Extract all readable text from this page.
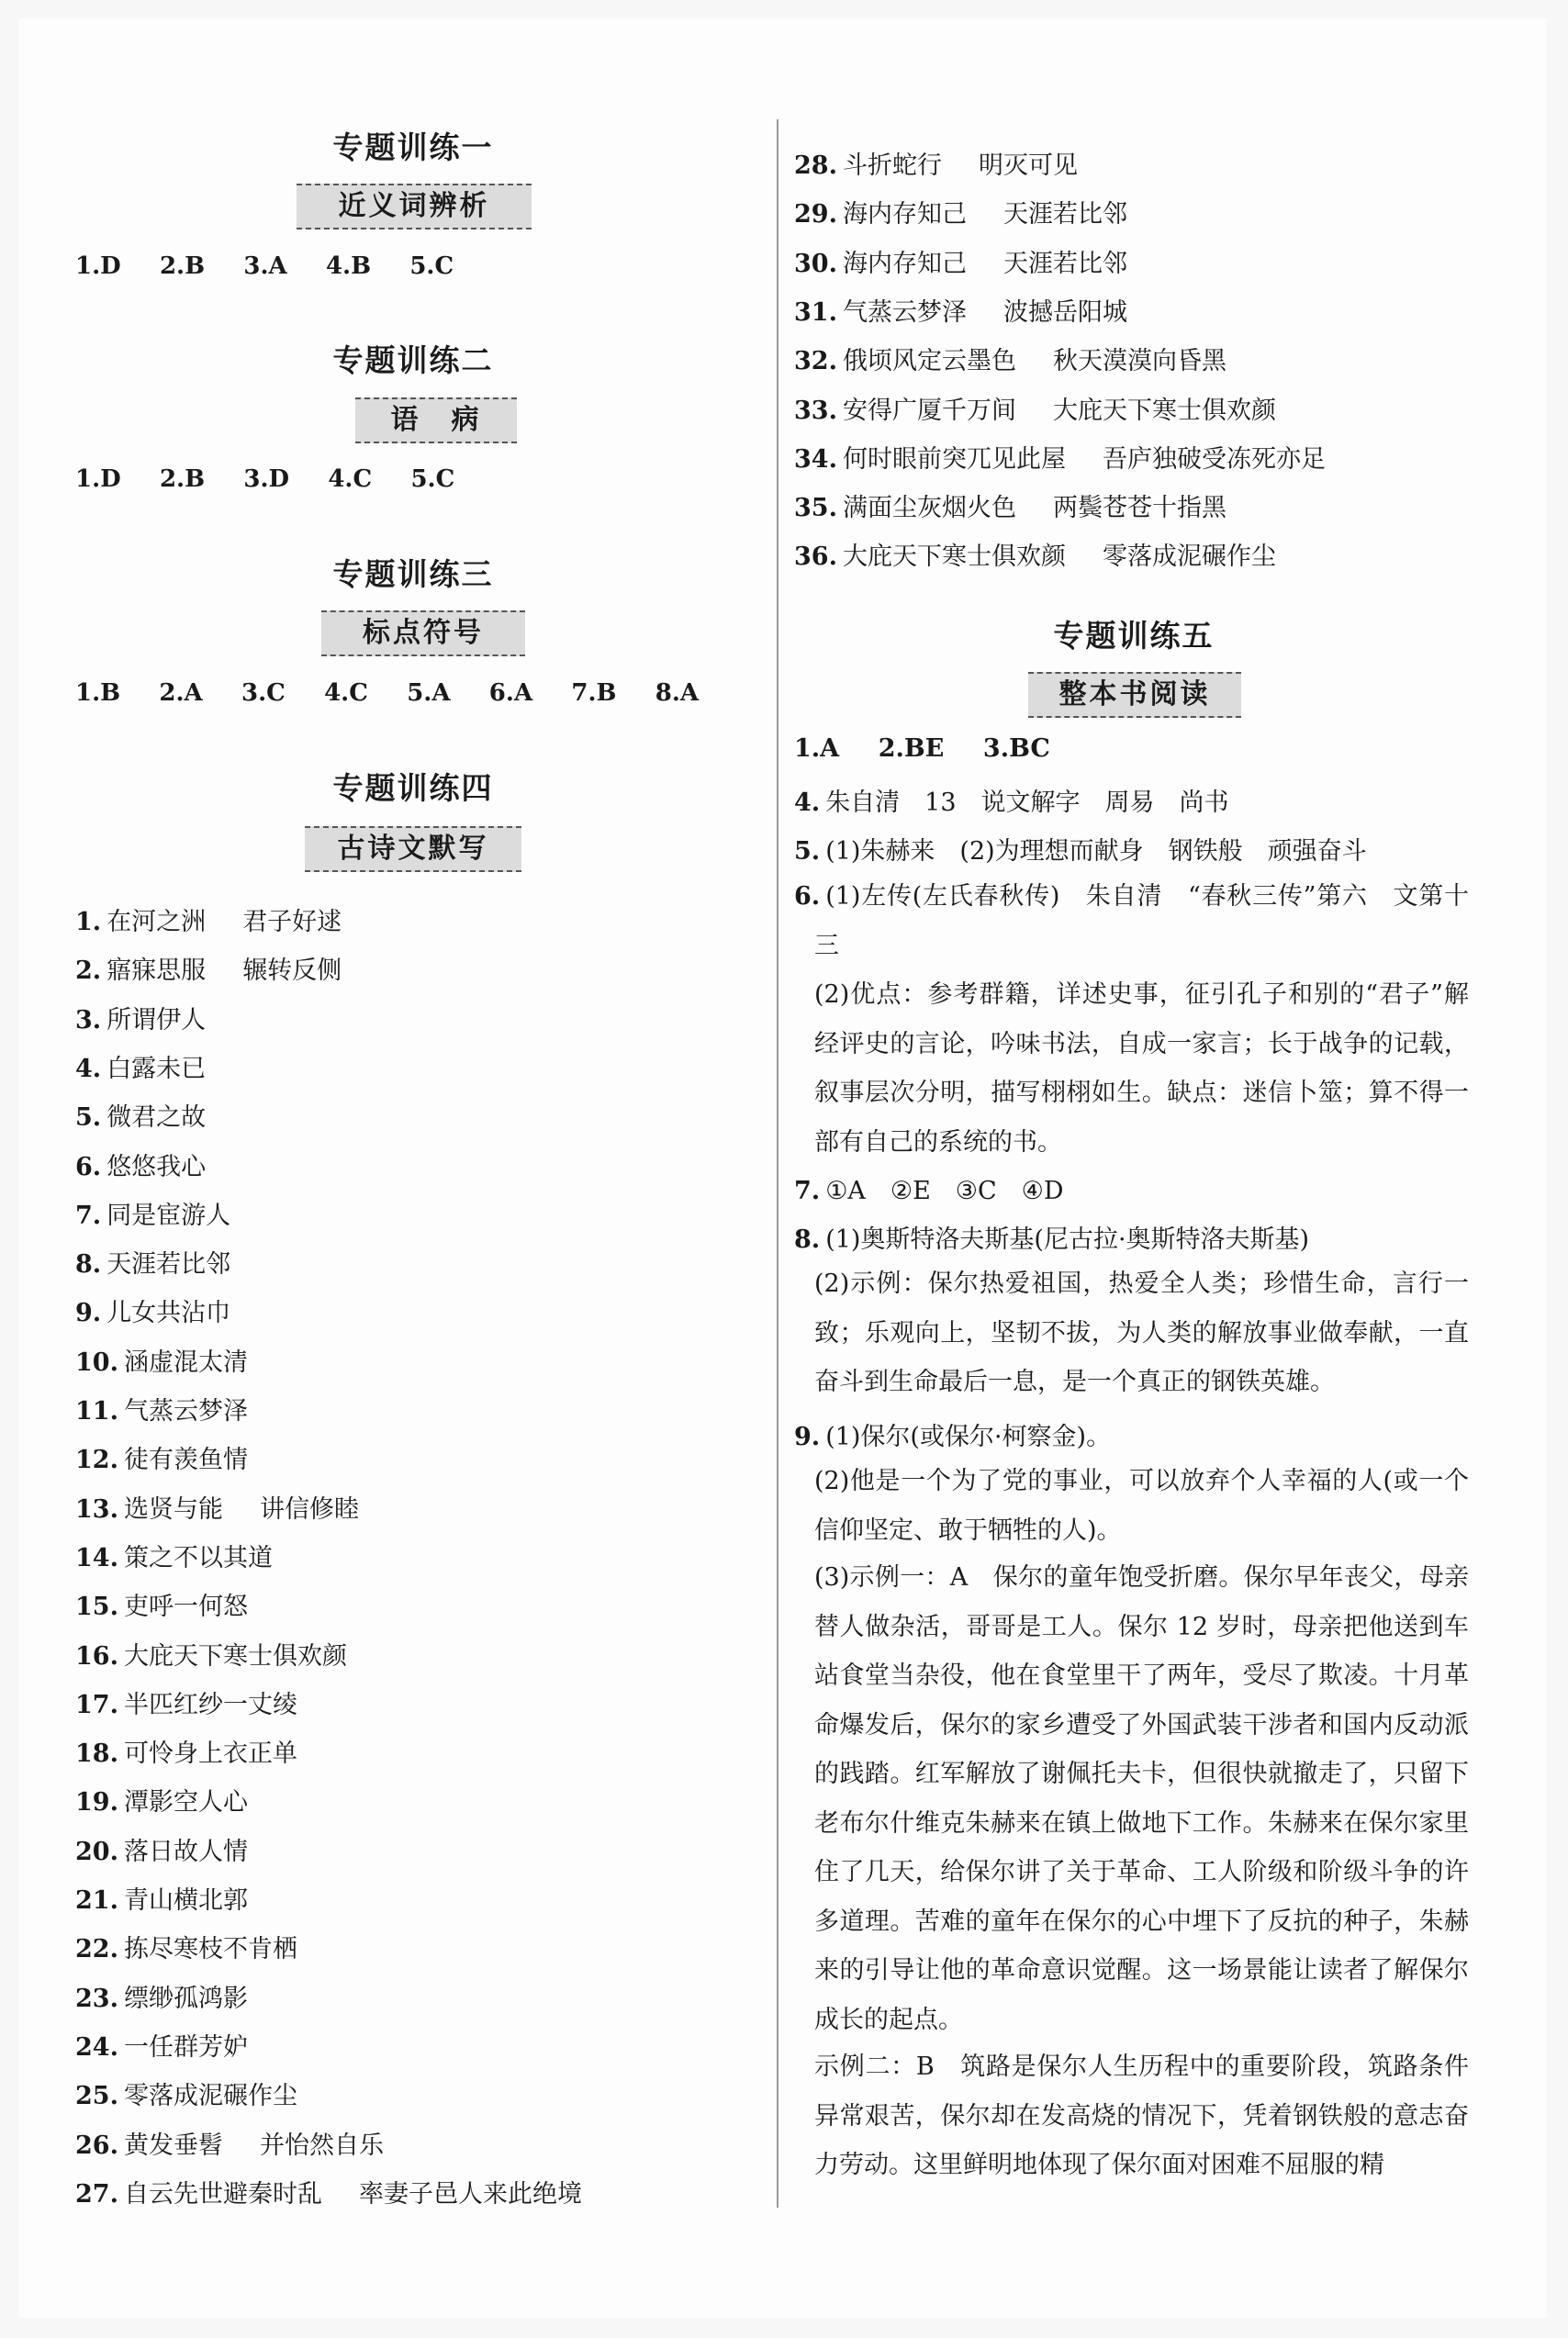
专题训练一
近义词辨析
1.D 2.B 3.A 4.B 5.C
专题训练二
语　病
1.D 2.B 3.D 4.C 5.C
专题训练三
标点符号
1.B 2.A 3.C 4.C 5.A 6.A 7.B 8.A
专题训练四
古诗文默写
1. 在河之洲 君子好逑
2. 寤寐思服 辗转反侧
3. 所谓伊人
4. 白露未已
5. 微君之故
6. 悠悠我心
7. 同是宦游人
8. 天涯若比邻
9. 儿女共沾巾
10. 涵虚混太清
11. 气蒸云梦泽
12. 徒有羡鱼情
13. 选贤与能 讲信修睦
14. 策之不以其道
15. 吏呼一何怒
16. 大庇天下寒士俱欢颜
17. 半匹红纱一丈绫
18. 可怜身上衣正单
19. 潭影空人心
20. 落日故人情
21. 青山横北郭
22. 拣尽寒枝不肯栖
23. 缥缈孤鸿影
24. 一任群芳妒
25. 零落成泥碾作尘
26. 黄发垂髫 并怡然自乐
27. 自云先世避秦时乱 率妻子邑人来此绝境
28. 斗折蛇行 明灭可见
29. 海内存知己 天涯若比邻
30. 海内存知己 天涯若比邻
31. 气蒸云梦泽 波撼岳阳城
32. 俄顷风定云墨色 秋天漠漠向昏黑
33. 安得广厦千万间 大庇天下寒士俱欢颜
34. 何时眼前突兀见此屋 吾庐独破受冻死亦足
35. 满面尘灰烟火色 两鬓苍苍十指黑
36. 大庇天下寒士俱欢颜 零落成泥碾作尘
专题训练五
整本书阅读
1.A 2.BE 3.BC
4. 朱自清　13　说文解字　周易　尚书
5. (1)朱赫来　(2)为理想而献身　钢铁般　顽强奋斗
6. (1)左传(左氏春秋传)　朱自清　“春秋三传”第六　文第十三
(2)优点：参考群籍，详述史事，征引孔子和别的“君子”解经评史的言论，吟味书法，自成一家言；长于战争的记载，叙事层次分明，描写栩栩如生。缺点：迷信卜筮；算不得一部有自己的系统的书。
7. ①A　②E　③C　④D
8. (1)奥斯特洛夫斯基(尼古拉·奥斯特洛夫斯基)
(2)示例：保尔热爱祖国，热爱全人类；珍惜生命，言行一致；乐观向上，坚韧不拔，为人类的解放事业做奉献，一直奋斗到生命最后一息，是一个真正的钢铁英雄。
9. (1)保尔(或保尔·柯察金)。
(2)他是一个为了党的事业，可以放弃个人幸福的人(或一个信仰坚定、敢于牺牲的人)。
(3)示例一：A　保尔的童年饱受折磨。保尔早年丧父，母亲替人做杂活，哥哥是工人。保尔 12 岁时，母亲把他送到车站食堂当杂役，他在食堂里干了两年，受尽了欺凌。十月革命爆发后，保尔的家乡遭受了外国武装干涉者和国内反动派的践踏。红军解放了谢佩托夫卡，但很快就撤走了，只留下老布尔什维克朱赫来在镇上做地下工作。朱赫来在保尔家里住了几天，给保尔讲了关于革命、工人阶级和阶级斗争的许多道理。苦难的童年在保尔的心中埋下了反抗的种子，朱赫来的引导让他的革命意识觉醒。这一场景能让读者了解保尔成长的起点。
示例二：B　筑路是保尔人生历程中的重要阶段，筑路条件异常艰苦，保尔却在发高烧的情况下，凭着钢铁般的意志奋力劳动。这里鲜明地体现了保尔面对困难不屈服的精
